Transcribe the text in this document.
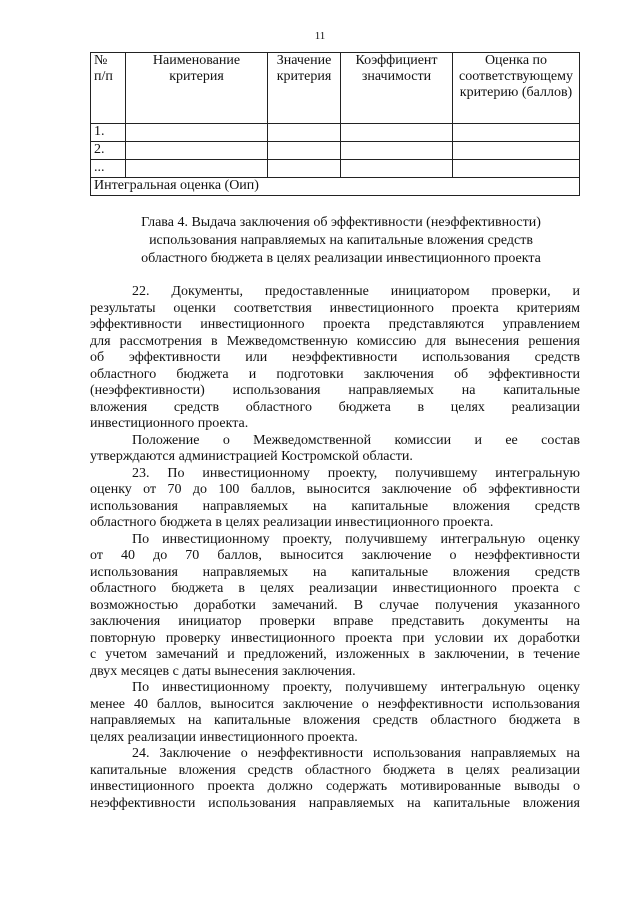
11
№ п/п	Наименование критерия	Значение критерия	Коэффициент значимости	Оценка по соответствующему критерию (баллов)
1.				
2.				
...				
Интегральная оценка (Оип)				
Глава 4. Выдача заключения об эффективности (неэффективности)
использования направляемых на капитальные вложения средств
областного бюджета в целях реализации инвестиционного проекта
22. Документы, предоставленные инициатором проверки, и
результаты оценки соответствия инвестиционного проекта критериям
эффективности инвестиционного проекта представляются управлением
для рассмотрения в Межведомственную комиссию для вынесения решения
об эффективности или неэффективности использования средств
областного бюджета и подготовки заключения об эффективности
(неэффективности) использования направляемых на капитальные
вложения средств областного бюджета в целях реализации
инвестиционного проекта.
Положение о Межведомственной комиссии и ее состав
утверждаются администрацией Костромской области.
23. По инвестиционному проекту, получившему интегральную
оценку от 70 до 100 баллов, выносится заключение об эффективности
использования направляемых на капитальные вложения средств
областного бюджета в целях реализации инвестиционного проекта.
По инвестиционному проекту, получившему интегральную оценку
от 40 до 70 баллов, выносится заключение о неэффективности
использования направляемых на капитальные вложения средств
областного бюджета в целях реализации инвестиционного проекта с
возможностью доработки замечаний. В случае получения указанного
заключения инициатор проверки вправе представить документы на
повторную проверку инвестиционного проекта при условии их доработки
с учетом замечаний и предложений, изложенных в заключении, в течение
двух месяцев с даты вынесения заключения.
По инвестиционному проекту, получившему интегральную оценку
менее 40 баллов, выносится заключение о неэффективности использования
направляемых на капитальные вложения средств областного бюджета в
целях реализации инвестиционного проекта.
24. Заключение о неэффективности использования направляемых на
капитальные вложения средств областного бюджета в целях реализации
инвестиционного проекта должно содержать мотивированные выводы о
неэффективности использования направляемых на капитальные вложения
